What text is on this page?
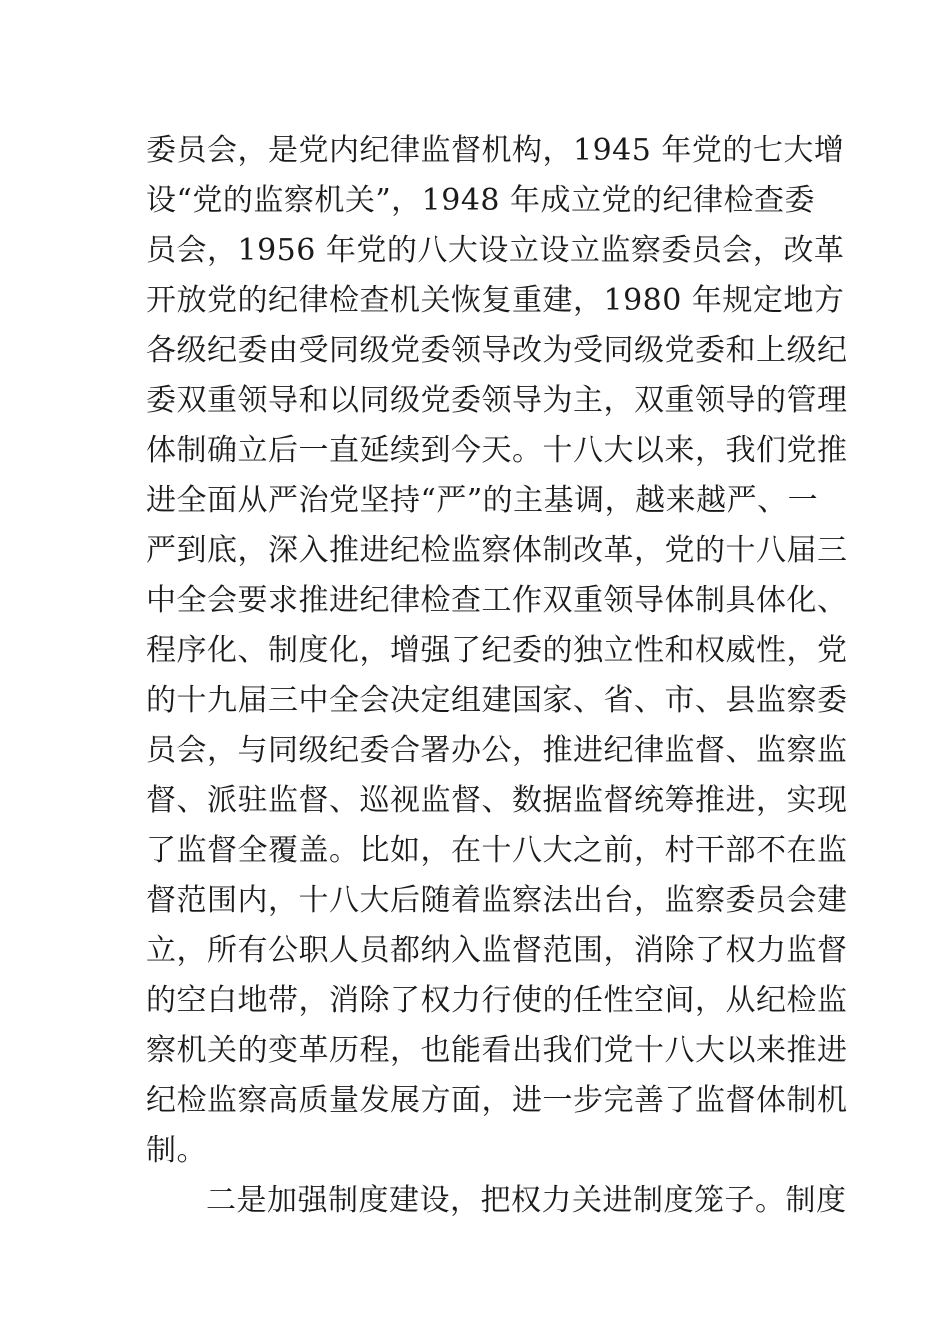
委员会，是党内纪律监督机构，1945 年党的七大增
设“党的监察机关”，1948 年成立党的纪律检查委
员会，1956 年党的八大设立设立监察委员会，改革
开放党的纪律检查机关恢复重建，1980 年规定地方
各级纪委由受同级党委领导改为受同级党委和上级纪
委双重领导和以同级党委领导为主，双重领导的管理
体制确立后一直延续到今天。十八大以来，我们党推
进全面从严治党坚持“严”的主基调，越来越严、一
严到底，深入推进纪检监察体制改革，党的十八届三
中全会要求推进纪律检查工作双重领导体制具体化、
程序化、制度化，增强了纪委的独立性和权威性，党
的十九届三中全会决定组建国家、省、市、县监察委
员会，与同级纪委合署办公，推进纪律监督、监察监
督、派驻监督、巡视监督、数据监督统筹推进，实现
了监督全覆盖。比如，在十八大之前，村干部不在监
督范围内，十八大后随着监察法出台，监察委员会建
立，所有公职人员都纳入监督范围，消除了权力监督
的空白地带，消除了权力行使的任性空间，从纪检监
察机关的变革历程，也能看出我们党十八大以来推进
纪检监察高质量发展方面，进一步完善了监督体制机
制。
二是加强制度建设，把权力关进制度笼子。制度
